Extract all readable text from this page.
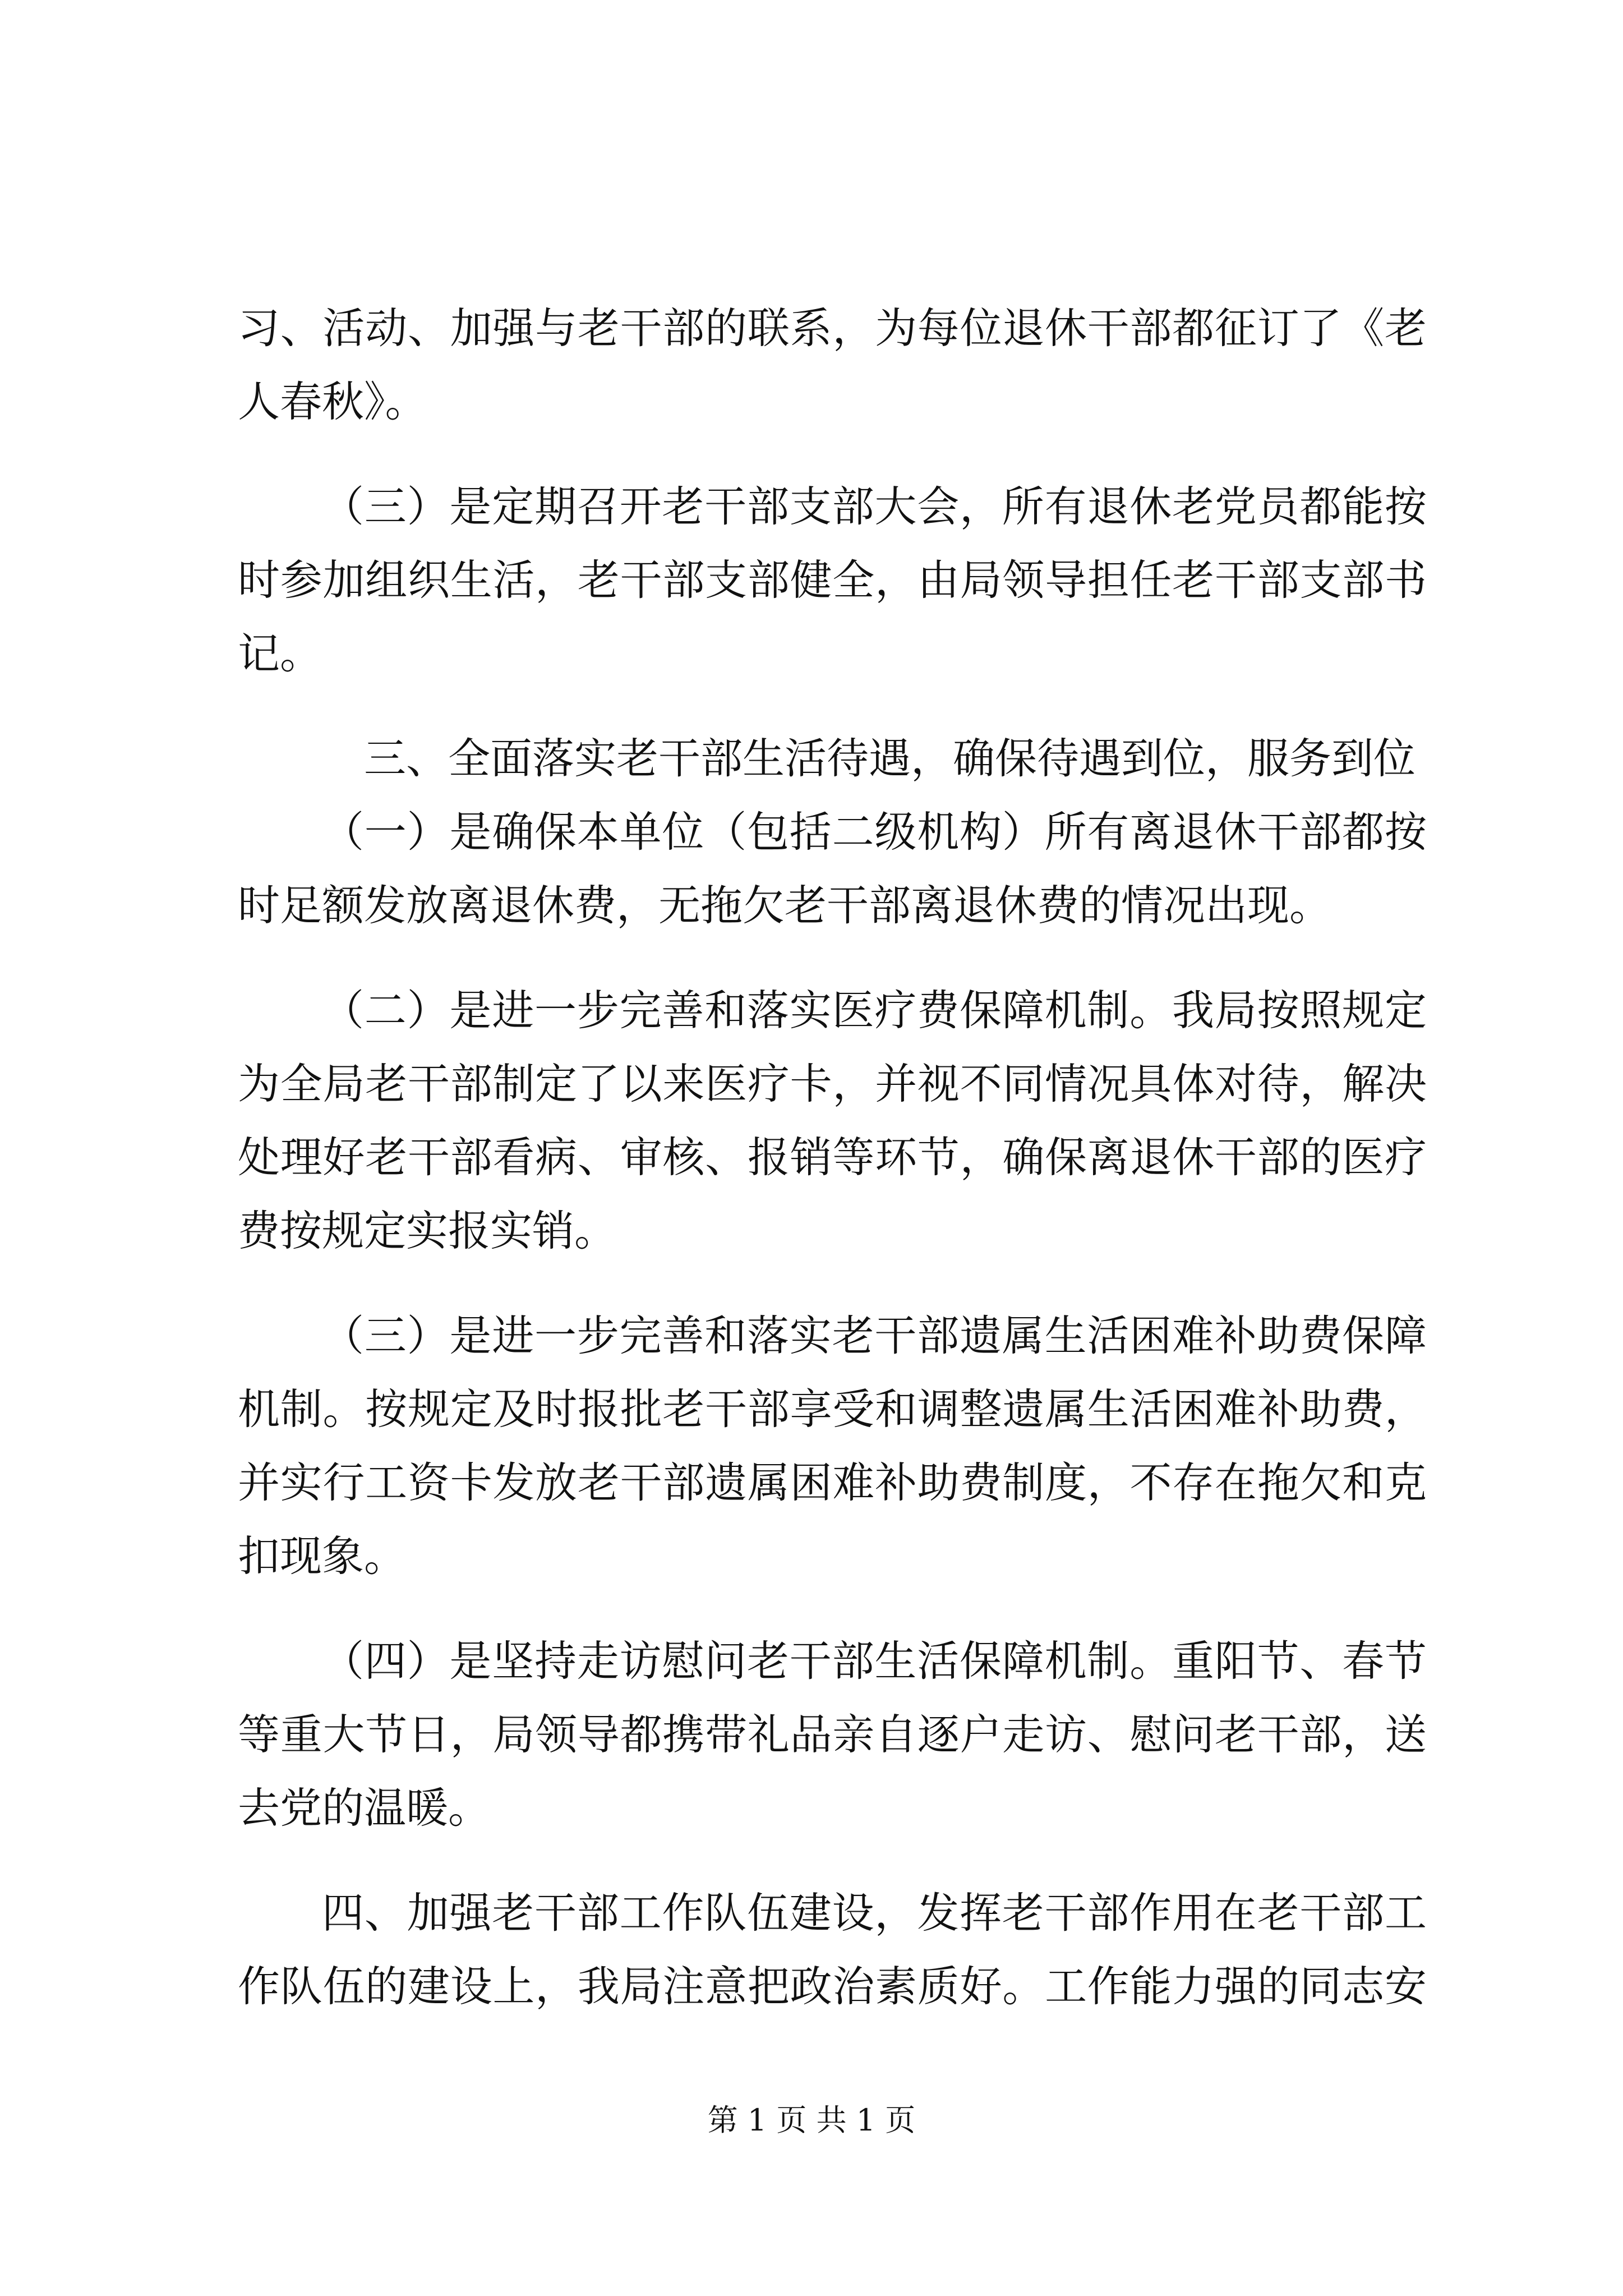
习、活动、加强与老干部的联系，为每位退休干部都征订了《老
人春秋》。
（三）是定期召开老干部支部大会，所有退休老党员都能按
时参加组织生活，老干部支部健全，由局领导担任老干部支部书
记。
三、全面落实老干部生活待遇，确保待遇到位，服务到位
（一）是确保本单位（包括二级机构）所有离退休干部都按
时足额发放离退休费，无拖欠老干部离退休费的情况出现。
（二）是进一步完善和落实医疗费保障机制。我局按照规定
为全局老干部制定了以来医疗卡，并视不同情况具体对待，解决
处理好老干部看病、审核、报销等环节，确保离退休干部的医疗
费按规定实报实销。
（三）是进一步完善和落实老干部遗属生活困难补助费保障
机制。按规定及时报批老干部享受和调整遗属生活困难补助费，
并实行工资卡发放老干部遗属困难补助费制度，不存在拖欠和克
扣现象。
（四）是坚持走访慰问老干部生活保障机制。重阳节、春节
等重大节日，局领导都携带礼品亲自逐户走访、慰问老干部，送
去党的温暖。
四、加强老干部工作队伍建设，发挥老干部作用在老干部工
作队伍的建设上，我局注意把政治素质好。工作能力强的同志安
第 1 页 共 1 页
